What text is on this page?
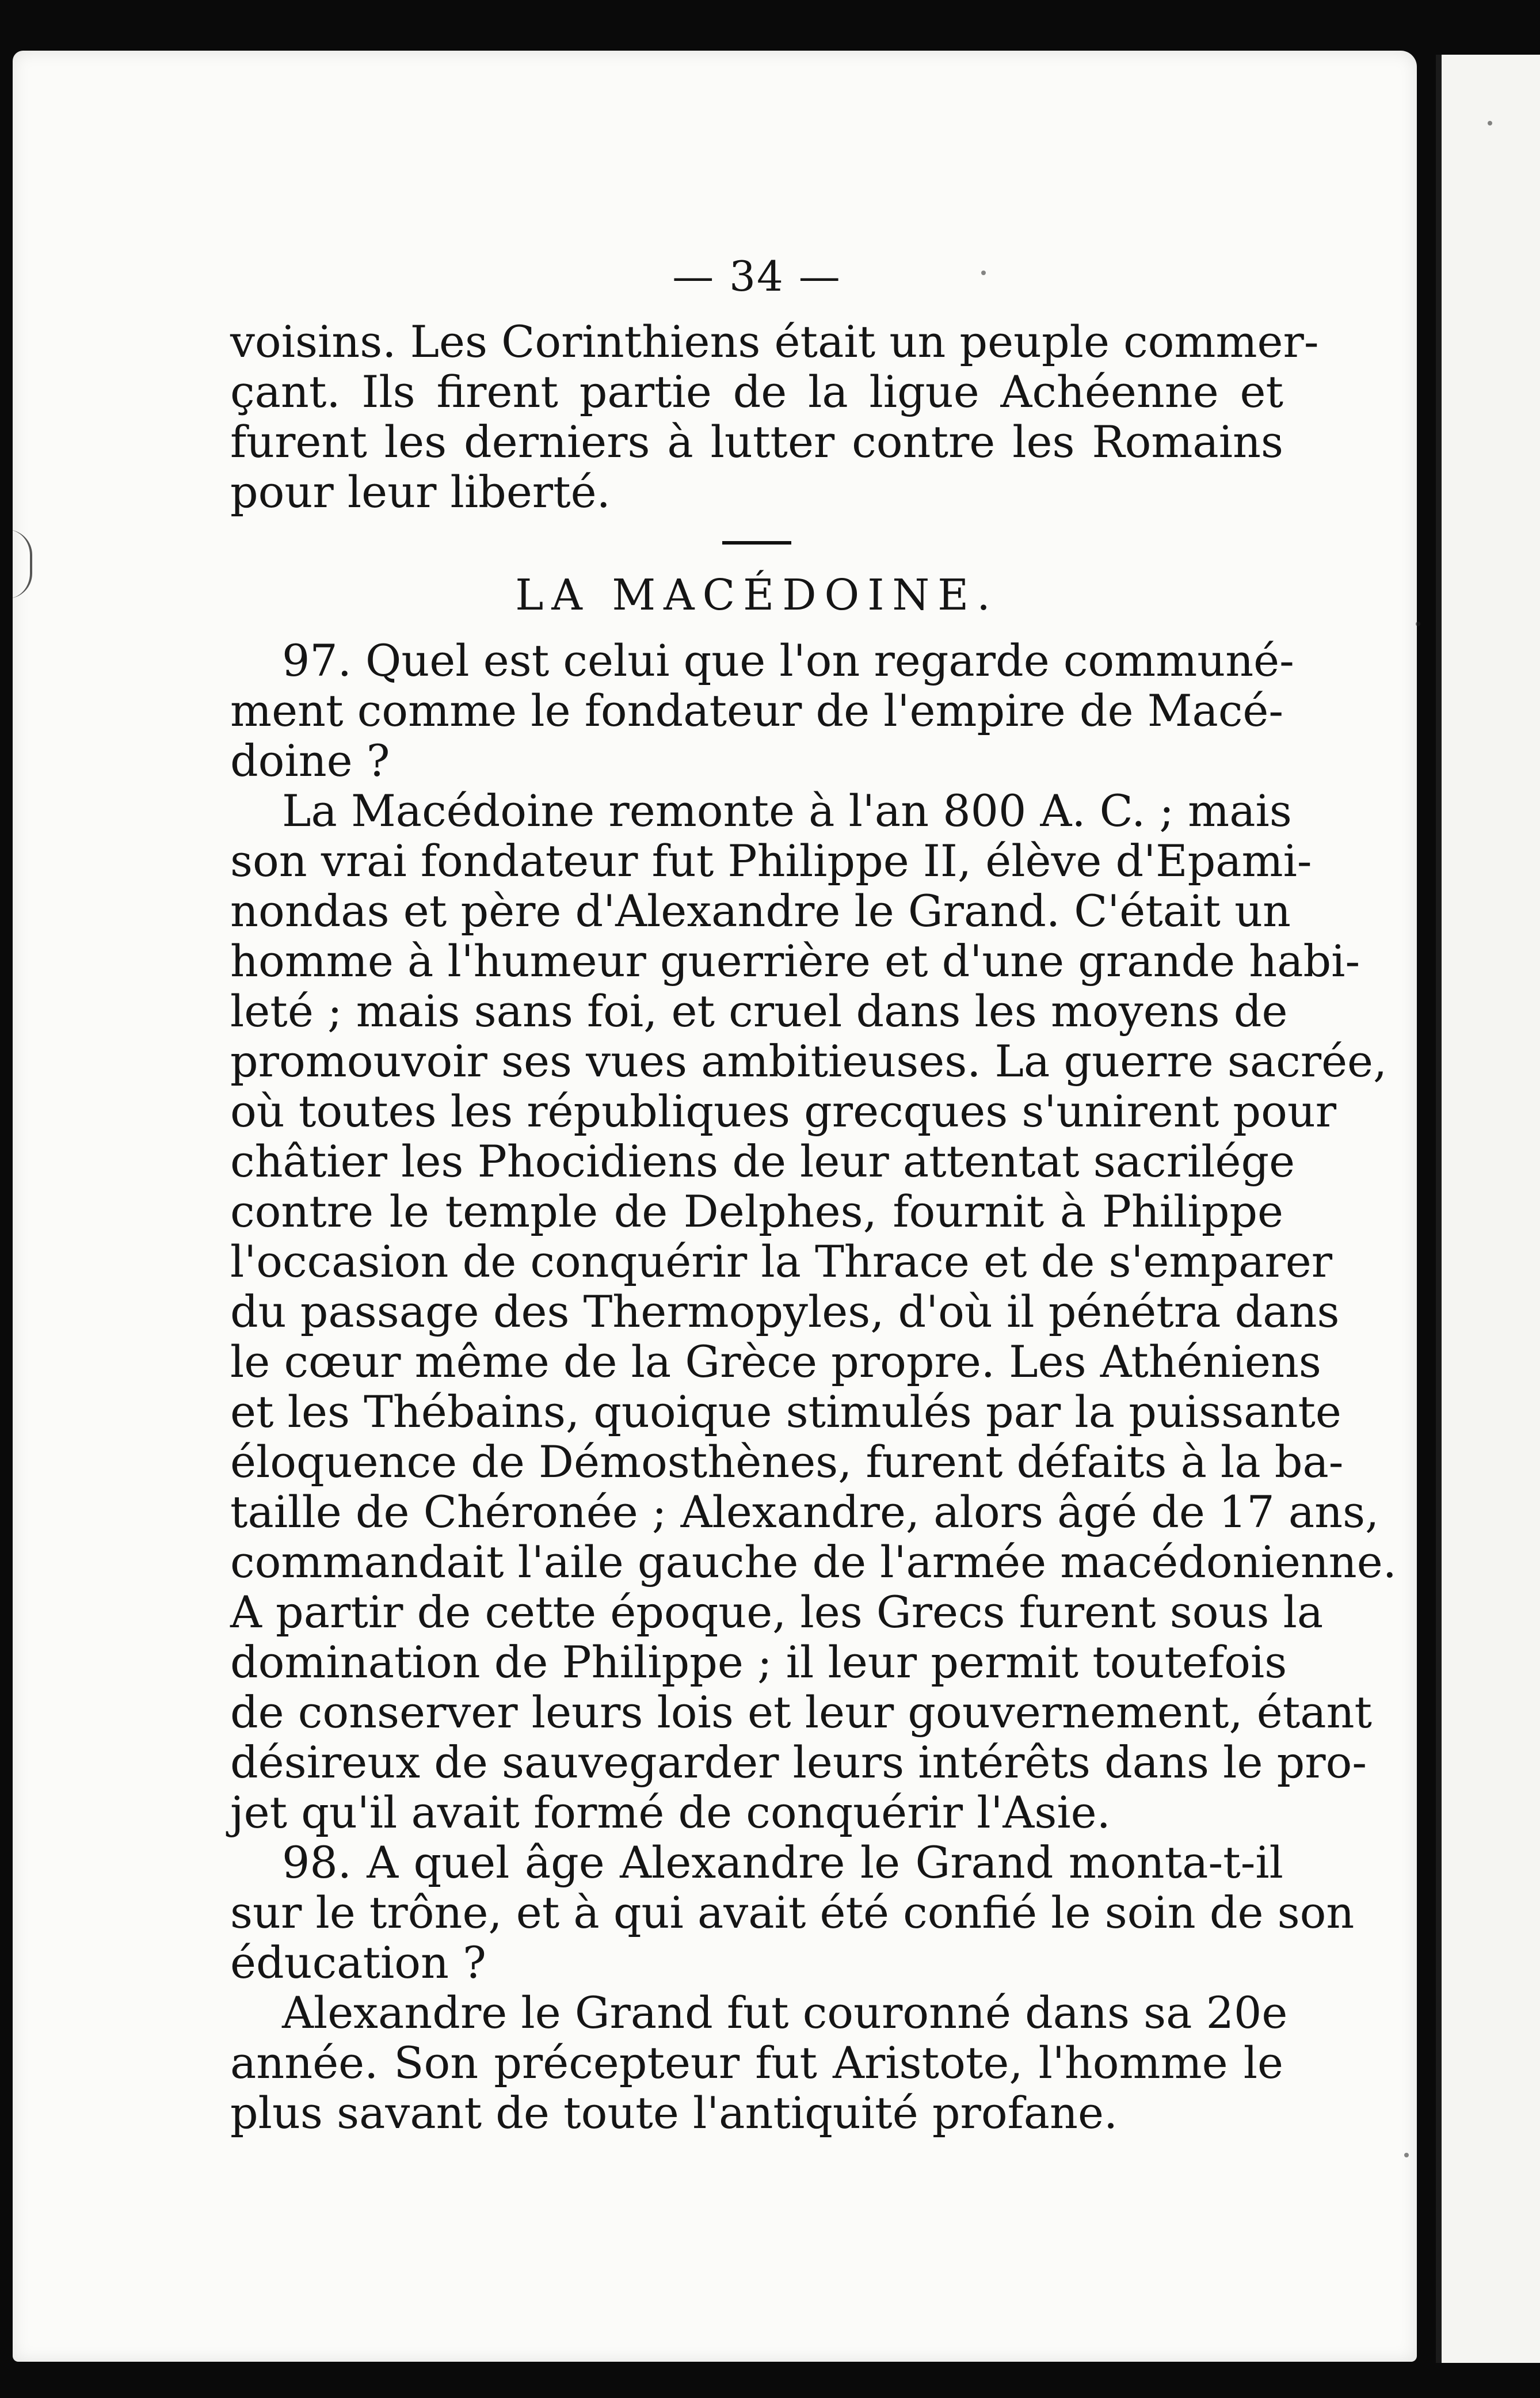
— 34 —
voisins. Les Corinthiens était un peuple commer-
çant. Ils firent partie de la ligue Achéenne et
furent les derniers à lutter contre les Romains
pour leur liberté.
LA MACÉDOINE.
97. Quel est celui que l'on regarde communé-
ment comme le fondateur de l'empire de Macé-
doine ?
La Macédoine remonte à l'an 800 A. C. ; mais
son vrai fondateur fut Philippe II, élève d'Epami-
nondas et père d'Alexandre le Grand. C'était un
homme à l'humeur guerrière et d'une grande habi-
leté ; mais sans foi, et cruel dans les moyens de
promouvoir ses vues ambitieuses. La guerre sacrée,
où toutes les républiques grecques s'unirent pour
châtier les Phocidiens de leur attentat sacrilége
contre le temple de Delphes, fournit à Philippe
l'occasion de conquérir la Thrace et de s'emparer
du passage des Thermopyles, d'où il pénétra dans
le cœur même de la Grèce propre. Les Athéniens
et les Thébains, quoique stimulés par la puissante
éloquence de Démosthènes, furent défaits à la ba-
taille de Chéronée ; Alexandre, alors âgé de 17 ans,
commandait l'aile gauche de l'armée macédonienne.
A partir de cette époque, les Grecs furent sous la
domination de Philippe ; il leur permit toutefois
de conserver leurs lois et leur gouvernement, étant
désireux de sauvegarder leurs intérêts dans le pro-
jet qu'il avait formé de conquérir l'Asie.
98. A quel âge Alexandre le Grand monta-t-il
sur le trône, et à qui avait été confié le soin de son
éducation ?
Alexandre le Grand fut couronné dans sa 20e
année. Son précepteur fut Aristote, l'homme le
plus savant de toute l'antiquité profane.
